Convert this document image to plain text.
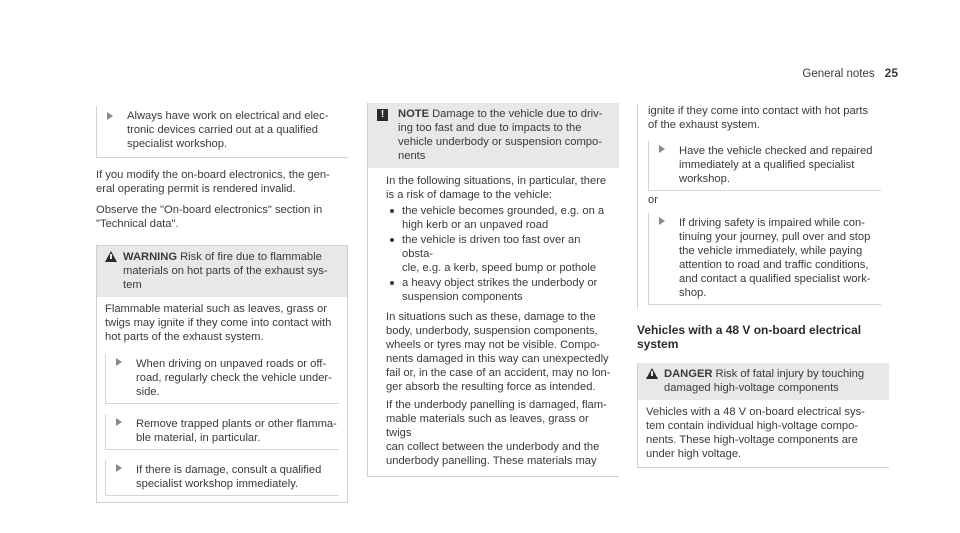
General notes 25
Always have work on electrical and elec‑
tronic devices carried out at a qualified
specialist workshop.
If you modify the on-board electronics, the gen‑
eral operating permit is rendered invalid.
Observe the "On-board electronics" section in
"Technical data".
WARNING Risk of fire due to flammable
materials on hot parts of the exhaust sys‑
tem
Flammable material such as leaves, grass or
twigs may ignite if they come into contact with
hot parts of the exhaust system.
When driving on unpaved roads or off‑
road, regularly check the vehicle under‑
side.
Remove trapped plants or other flamma‑
ble material, in particular.
If there is damage, consult a qualified
specialist workshop immediately.
!	NOTE Damage to the vehicle due to driv‑
ing too fast and due to impacts to the
vehicle underbody or suspension compo‑
nents
In the following situations, in particular, there
is a risk of damage to the vehicle:
the vehicle becomes grounded, e.g. on a
high kerb or an unpaved road
the vehicle is driven too fast over an obsta‑
cle, e.g. a kerb, speed bump or pothole
a heavy object strikes the underbody or
suspension components
In situations such as these, damage to the
body, underbody, suspension components,
wheels or tyres may not be visible. Compo‑
nents damaged in this way can unexpectedly
fail or, in the case of an accident, may no lon‑
ger absorb the resulting force as intended.
If the underbody panelling is damaged, flam‑
mable materials such as leaves, grass or twigs
can collect between the underbody and the
underbody panelling. These materials may
ignite if they come into contact with hot parts
of the exhaust system.
Have the vehicle checked and repaired
immediately at a qualified specialist
workshop.
or
If driving safety is impaired while con‑
tinuing your journey, pull over and stop
the vehicle immediately, while paying
attention to road and traffic conditions,
and contact a qualified specialist work‑
shop.
Vehicles with a 48 V on-board electrical system
DANGER Risk of fatal injury by touching
damaged high-voltage components
Vehicles with a 48 V on-board electrical sys‑
tem contain individual high-voltage compo‑
nents. These high-voltage components are
under high voltage.
